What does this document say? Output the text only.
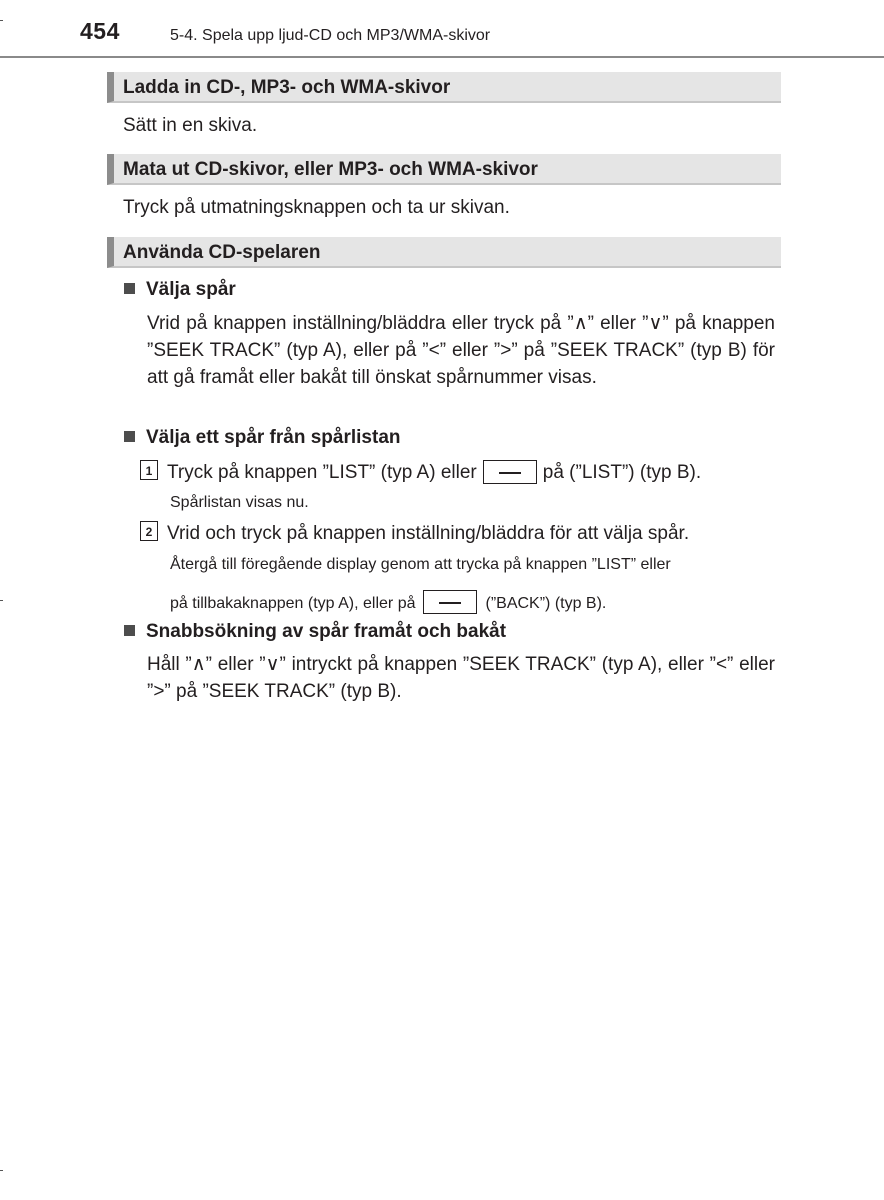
454	5-4. Spela upp ljud-CD och MP3/WMA-skivor
Ladda in CD-, MP3- och WMA-skivor
Sätt in en skiva.
Mata ut CD-skivor, eller MP3- och WMA-skivor
Tryck på utmatningsknappen och ta ur skivan.
Använda CD-spelaren
Välja spår
Vrid på knappen inställning/bläddra eller tryck på ”∧” eller ”∨” på knappen ”SEEK TRACK” (typ A), eller på ”<” eller ”>” på ”SEEK TRACK” (typ B) för att gå framåt eller bakåt till önskat spårnummer visas.
Välja ett spår från spårlistan
1 Tryck på knappen ”LIST” (typ A) eller	på (”LIST”) (typ B).
Spårlistan visas nu.
2 Vrid och tryck på knappen inställning/bläddra för att välja spår.
Återgå till föregående display genom att trycka på knappen ”LIST” eller
på tillbakaknappen (typ A), eller på	(”BACK”) (typ B).
Snabbsökning av spår framåt och bakåt
Håll ”∧” eller ”∨” intryckt på knappen ”SEEK TRACK” (typ A), eller ”<” eller ”>” på ”SEEK TRACK” (typ B).
